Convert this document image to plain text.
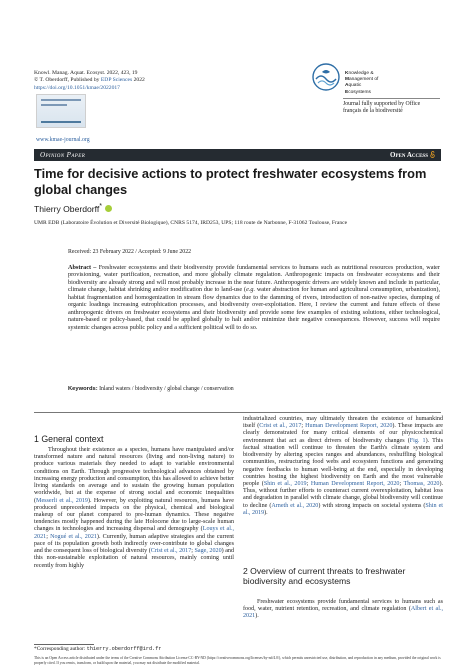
Knowl. Manag. Aquat. Ecosyst. 2022, 423, 19
© T. Oberdorff, Published by EDP Sciences 2022
https://doi.org/10.1051/kmae/2022017
Knowledge &
Management of
Aquatic
Ecosystems
Journal fully supported by Office
français de la biodiversité
www.kmae-journal.org
Opinion Paper	Open Access
Time for decisive actions to protect freshwater ecosystems from global changes
Thierry Oberdorff*
UMR EDB (Laboratoire Évolution et Diversité Biologique), CNRS 5174, IRD253, UPS; 118 route de Narbonne, F-31062 Toulouse, France
Received: 23 February 2022 / Accepted: 9 June 2022
Abstract – Freshwater ecosystems and their biodiversity provide fundamental services to humans such as nutritional resources production, water provisioning, water purification, recreation, and more globally climate regulation. Anthropogenic impacts on freshwater ecosystems and their biodiversity are already strong and will most probably increase in the near future. Anthropogenic drivers are widely known and include in particular, climate change, habitat shrinking and/or modification due to land-use (e.g. water abstraction for human and agricultural consumption, urbanization), habitat fragmentation and homogenization in stream flow dynamics due to the damming of rivers, introduction of non-native species, dumping of organic loadings increasing eutrophication processes, and biodiversity over-exploitation. Here, I review the current and future effects of these anthropogenic drivers on freshwater ecosystems and their biodiversity and provide some few examples of existing solutions, either technological, nature-based or policy-based, that could be applied globally to halt and/or minimize their negative consequences. However, success will require systemic changes across public policy and a sufficient political will to do so.
Keywords: Inland waters / biodiversity / global change / conservation
1 General context

Throughout their existence as a species, humans have manipulated and/or transformed nature and natural resources (living and non-living nature) to produce various materials they needed to adapt to variable environmental conditions on Earth. Through progressive technological advances obtained by increasing energy production and consumption, this has allowed to achieve better living standards on average and to sustain the growing human population worldwide, but at the expense of strong social and economic inequalities (Messerli et al., 2019). However, by exploiting natural resources, humans have produced unprecedented impacts on the physical, chemical and biological makeup of our planet compared to pre-human dynamics. These negative tendencies mostly happened during the late Holocene due to large-scale human changes in technologies and increasing dispersal and demography (Louys et al., 2021; Nogué et al., 2021). Currently, human adaptive strategies and the current pace of its population growth both indirectly over-contribute to global changes and the consequent loss of biological diversity (Crist et al., 2017; Sage, 2020) and this non-sustainable exploitation of natural resources, mainly coming until recently from highly

industrialized countries, may ultimately threaten the existence of humankind itself (Crist et al., 2017; Human Development Report, 2020). These impacts are clearly demonstrated for many critical elements of our physicochemical environment that act as direct drivers of biodiversity changes (Fig. 1). This factual situation will continue to threaten the Earth's climate system and biodiversity by altering species ranges and abundances, reshuffling biological communities, restructuring food webs and ecosystem functions and generating negative feedbacks to human well-being at the end, especially in developing countries hosting the highest biodiversity on Earth and the most vulnerable people (Shin et al., 2019; Human Development Report, 2020; Thomas, 2020). Thus, without further efforts to counteract current overexploitation, habitat loss and degradation in parallel with climate change, global biodiversity will continue to decline (Arneth et al., 2020) with strong impacts on societal systems (Shin et al., 2019).

2 Overview of current threats to freshwater biodiversity and ecosystems

Freshwater ecosystems provide fundamental services to humans such as food, water, nutrient retention, recreation, and climate regulation (Albert et al., 2021).

*Corresponding author: thierry.oberdorff@ird.fr
This is an Open Access article distributed under the terms of the Creative Commons Attribution License CC-BY-ND (https://creativecommons.org/licenses/by-nd/4.0/), which permits unrestricted use, distribution, and reproduction in any medium, provided the original work is properly cited. If you remix, transform, or build upon the material, you may not distribute the modified material.
